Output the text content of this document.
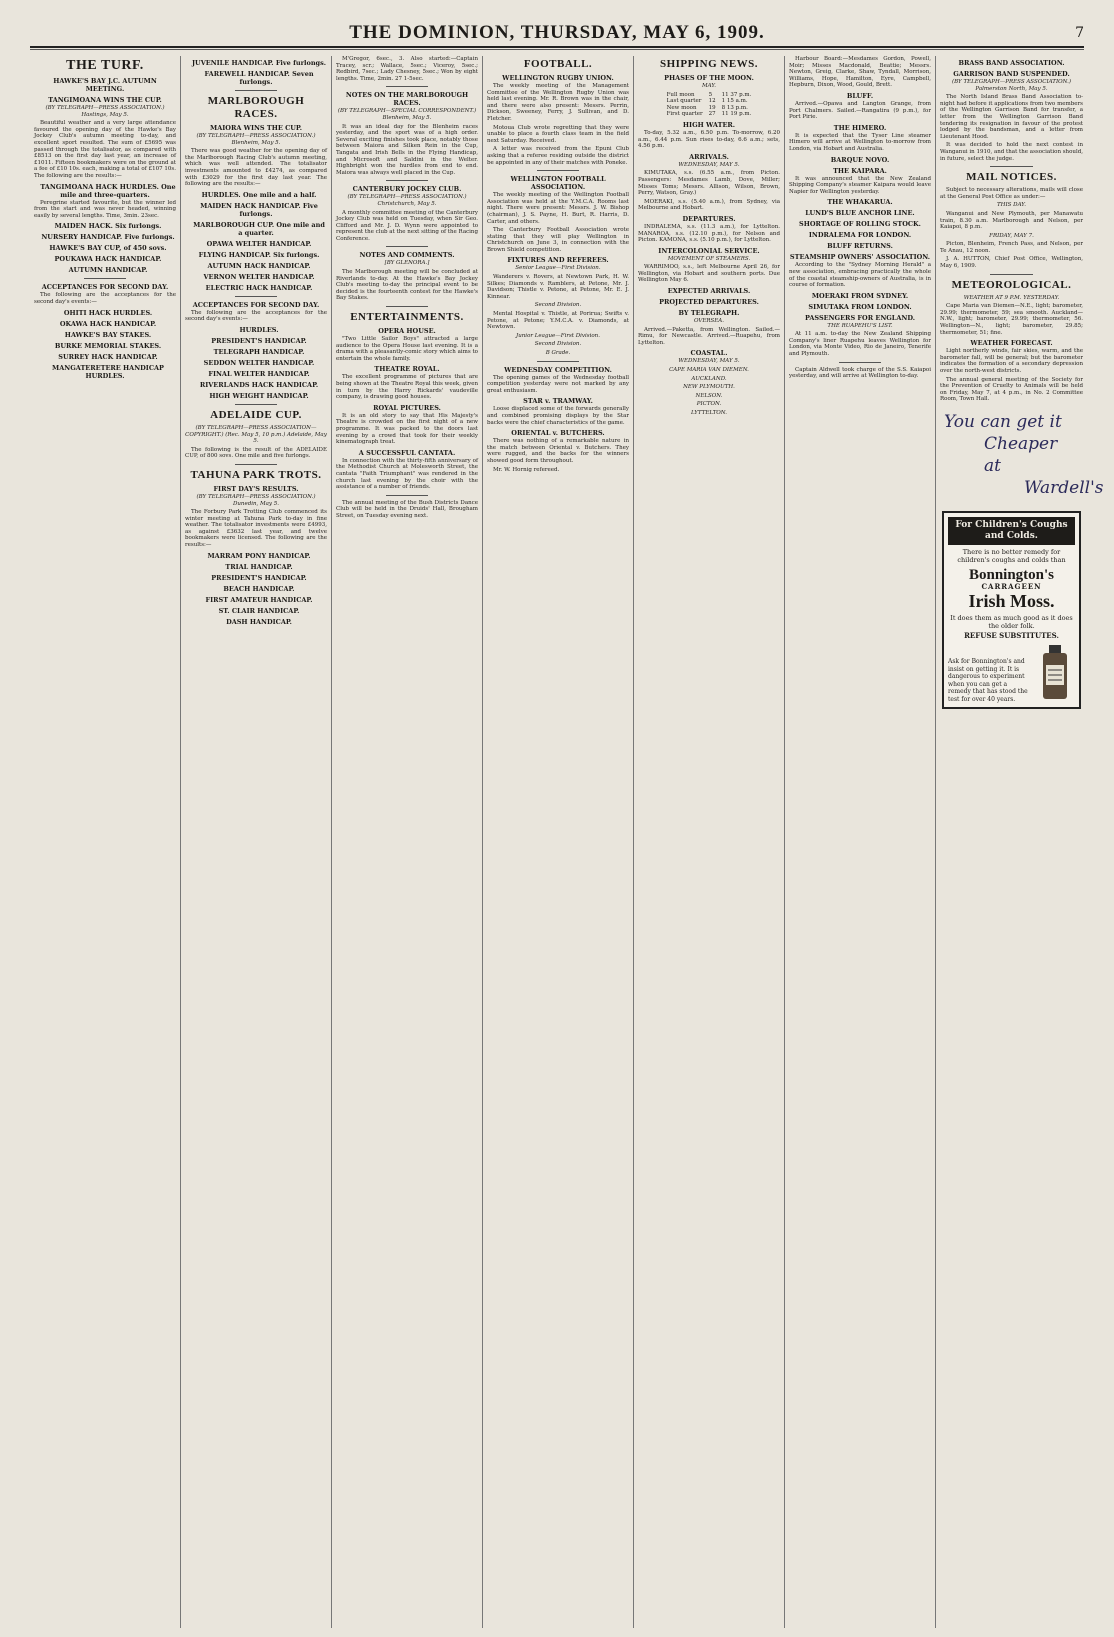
THE DOMINION, THURSDAY, MAY 6, 1909.	7
THE TURF.
HAWKE'S BAY J.C. AUTUMN MEETING.
TANGIMOANA WINS THE CUP.
(BY TELEGRAPH—PRESS ASSOCIATION.) Hastings, May 5.

Beautiful weather and a very large attendance favoured the opening day of the Hawke's Bay Jockey Club's autumn meeting to-day, and excellent sport resulted. The sum of £5695 was passed through the totalisator, as compared with £8513 on the first day last year, an increase of £1011. Fifteen bookmakers were on the ground at a fee of £10 10s. each, making a total of £107 10s. The following are the results:—

TANGIMOANA HACK HURDLES. One mile and three-quarters.

Peregrine started favourite, but the winner led from the start and was never headed, winning easily by several lengths. Time, 3min. 23sec.

MAIDEN HACK. Six furlongs.

NURSERY HANDICAP. Five furlongs.

HAWKE'S BAY CUP, of 450 sovs.

POUKAWA HACK HANDICAP.

AUTUMN HANDICAP.

ACCEPTANCES FOR SECOND DAY.

The following are the acceptances for the second day's events:—

OHITI HACK HURDLES.

OKAWA HACK HANDICAP.

HAWKE'S BAY STAKES.

BURKE MEMORIAL STAKES.

SURREY HACK HANDICAP.

MANGATERETERE HANDICAP HURDLES.

JUVENILE HANDICAP. Five furlongs.

FAREWELL HANDICAP. Seven furlongs.

MARLBOROUGH RACES.
MAIORA WINS THE CUP.
(BY TELEGRAPH—PRESS ASSOCIATION.) Blenheim, May 5.

There was good weather for the opening day of the Marlborough Racing Club's autumn meeting, which was well attended. The totalisator investments amounted to £4274, as compared with £3029 for the first day last year. The following are the results:—

HURDLES. One mile and a half.

MAIDEN HACK HANDICAP. Five furlongs.

MARLBOROUGH CUP. One mile and a quarter.

OPAWA WELTER HANDICAP.

FLYING HANDICAP. Six furlongs.

AUTUMN HACK HANDICAP.

VERNON WELTER HANDICAP.

ELECTRIC HACK HANDICAP.

ACCEPTANCES FOR SECOND DAY.

The following are the acceptances for the second day's events:—

HURDLES.

PRESIDENT'S HANDICAP.

TELEGRAPH HANDICAP.

SEDDON WELTER HANDICAP.

FINAL WELTER HANDICAP.

RIVERLANDS HACK HANDICAP.

HIGH WEIGHT HANDICAP.

ADELAIDE CUP.
(BY TELEGRAPH—PRESS ASSOCIATION—COPYRIGHT.) (Rec. May 5, 10 p.m.) Adelaide, May 5.

The following is the result of the ADELAIDE CUP, of 800 sovs. One mile and five furlongs.

TAHUNA PARK TROTS.
FIRST DAY'S RESULTS.
(BY TELEGRAPH—PRESS ASSOCIATION.) Dunedin, May 5.

The Forbury Park Trotting Club commenced its winter meeting at Tahuna Park to-day in fine weather. The totalisator investments were £4993, as against £3632 last year, and twelve bookmakers were licensed. The following are the results:—

MARRAM PONY HANDICAP.

TRIAL HANDICAP.

PRESIDENT'S HANDICAP.

BEACH HANDICAP.

FIRST AMATEUR HANDICAP.

ST. CLAIR HANDICAP.

DASH HANDICAP.

M'Gregor, 6sec., 3. Also started:—Captain Tracey, scr.; Wallace, 5sec.; Viceroy, 5sec.; Redbird, 7sec.; Lady Chesney, 5sec.; Won by eight lengths. Time, 2min. 27 1-5sec.

NOTES ON THE MARLBOROUGH RACES.
(BY TELEGRAPH—SPECIAL CORRESPONDENT.) Blenheim, May 5.

It was an ideal day for the Blenheim races yesterday, and the sport was of a high order. Several exciting finishes took place, notably those between Maiora and Silken Rein in the Cup, Tangata and Irish Bells in the Flying Handicap, and Microsoft and Saldini in the Welter. Highbright won the hurdles from end to end. Maiora was always well placed in the Cup.

CANTERBURY JOCKEY CLUB.
(BY TELEGRAPH—PRESS ASSOCIATION.) Christchurch, May 5.

A monthly committee meeting of the Canterbury Jockey Club was held on Tuesday, when Sir Geo. Clifford and Mr. J. D. Wynn were appointed to represent the club at the next sitting of the Racing Conference.

NOTES AND COMMENTS.
[BY GLENORA.]

The Marlborough meeting will be concluded at Riverlands to-day. At the Hawke's Bay Jockey Club's meeting to-day the principal event to be decided is the fourteenth contest for the Hawke's Bay Stakes.

ENTERTAINMENTS.
OPERA HOUSE.

"Two Little Sailor Boys" attracted a large audience to the Opera House last evening. It is a drama with a pleasantly-comic story which aims to entertain the whole family.

THEATRE ROYAL.

The excellent programme of pictures that are being shown at the Theatre Royal this week, given in turn by the Harry Rickards' vaudeville company, is drawing good houses.

ROYAL PICTURES.

It is an old story to say that His Majesty's Theatre is crowded on the first night of a new programme. It was packed to the doors last evening by a crowd that took for their weekly kinematograph treat.

A SUCCESSFUL CANTATA.

In connection with the thirty-fifth anniversary of the Methodist Church at Molesworth Street, the cantata "Faith Triumphant" was rendered in the church last evening by the choir with the assistance of a number of friends.

The annual meeting of the Bush Districts Dance Club will be held in the Druids' Hall, Brougham Street, on Tuesday evening next.

FOOTBALL.
WELLINGTON RUGBY UNION.

The weekly meeting of the Management Committee of the Wellington Rugby Union was held last evening. Mr. R. Brown was in the chair, and there were also present: Messrs. Perrin, Dickson, Sweeney, Ferry, J. Sullivan, and D. Fletcher.

Motoua Club wrote regretting that they were unable to place a fourth class team in the field next Saturday. Received.

A letter was received from the Epuni Club asking that a referee residing outside the district be appointed in any of their matches with Poneke.

WELLINGTON FOOTBALL ASSOCIATION.

The weekly meeting of the Wellington Football Association was held at the Y.M.C.A. Rooms last night. There were present: Messrs. J. W. Bishop (chairman), J. S. Payne, H. Burt, R. Harris, D. Carter, and others.

The Canterbury Football Association wrote stating that they will play Wellington in Christchurch on June 3, in connection with the Brown Shield competition.

FIXTURES AND REFEREES.
Senior League—First Division.

Wanderers v. Rovers, at Newtown Park, H. W. Silkes; Diamonds v. Ramblers, at Petone, Mr. J. Davidson; Thistle v. Petone, at Petone, Mr. E. J. Kinnear.

Second Division.

Mental Hospital v. Thistle, at Porirua; Swifts v. Petone, at Petone; Y.M.C.A. v. Diamonds, at Newtown.

Junior League—First Division.
Second Division.
B Grade.
WEDNESDAY COMPETITION.

The opening games of the Wednesday football competition yesterday were not marked by any great enthusiasm.

STAR v. TRAMWAY.

Loose displaced some of the forwards generally and combined promising displays by the Star backs were the chief characteristics of the game.

ORIENTAL v. BUTCHERS.

There was nothing of a remarkable nature in the match between Oriental v. Butchers. They were rugged, and the backs for the winners showed good form throughout.

Mr. W. Hornig refereed.

SHIPPING NEWS.
PHASES OF THE MOON.
MAY.
Full moon	5	11 37 p.m.
Last quarter	12	1 15 a.m.
New moon	19	8 13 p.m.
First quarter	27	11 19 p.m.
HIGH WATER.

To-day, 5.32 a.m., 6.50 p.m. To-morrow, 6.20 a.m., 6.44 p.m. Sun rises to-day, 6.6 a.m.; sets, 4.56 p.m.

ARRIVALS.
WEDNESDAY, MAY 5.

KIMUTAKA, s.s. (6.55 a.m., from Picton. Passengers: Mesdames Lamb, Dove, Miller; Misses Toms; Messrs. Allison, Wilson, Brown, Perry, Watson, Gray.)

MOERAKI, s.s. (5.40 a.m.), from Sydney, via Melbourne and Hobart.

DEPARTURES.

INDRALEMA, s.s. (11.3 a.m.), for Lyttelton. MANAROA, s.s. (12.10 p.m.), for Nelson and Picton. KAMONA, s.s. (5.10 p.m.), for Lyttelton.

INTERCOLONIAL SERVICE.
MOVEMENT OF STEAMERS.

WARRIMOO, s.s., left Melbourne April 26, for Wellington, via Hobart and southern ports. Due Wellington May 6.

EXPECTED ARRIVALS.
PROJECTED DEPARTURES.
BY TELEGRAPH.
OVERSEA.

Arrived.—Paketta, from Wellington. Sailed.—Rimu, for Newcastle. Arrived.—Ruapehu, from Lyttelton.

COASTAL.
WEDNESDAY, MAY 5.
CAPE MARIA VAN DIEMEN.
AUCKLAND.
NEW PLYMOUTH.
NELSON.
PICTON.
LYTTELTON.

Harbour Board:—Mesdames Gordon, Powell, Moir; Misses Macdonald, Beattie; Messrs. Newton, Greig, Clarke, Shaw, Tyndall, Morrison, Williams, Hope, Hamilton, Eyre, Campbell, Hepburn, Dixon, Wood, Gould, Brett.

BLUFF.

Arrived.—Opawa and Langton Grange, from Port Chalmers. Sailed.—Rangatira (9 p.m.), for Port Pirie.

THE HIMERO.

It is expected that the Tyser Line steamer Himero will arrive at Wellington to-morrow from London, via Hobart and Australia.

BARQUE NOVO.
THE KAIPARA.

It was announced that the New Zealand Shipping Company's steamer Kaipara would leave Napier for Wellington yesterday.

THE WHAKARUA.
LUND'S BLUE ANCHOR LINE.
SHORTAGE OF ROLLING STOCK.
INDRALEMA FOR LONDON.
BLUFF RETURNS.
STEAMSHIP OWNERS' ASSOCIATION.

According to the "Sydney Morning Herald" a new association, embracing practically the whole of the coastal steamship-owners of Australia, is in course of formation.

MOERAKI FROM SYDNEY.
SIMUTAKA FROM LONDON.
PASSENGERS FOR ENGLAND.
THE RUAPEHU'S LIST.

At 11 a.m. to-day the New Zealand Shipping Company's liner Ruapehu leaves Wellington for London, via Monte Video, Rio de Janeiro, Tenerife and Plymouth.

Captain Aldwell took charge of the S.S. Kaiapoi yesterday, and will arrive at Wellington to-day.

BRASS BAND ASSOCIATION.
GARRISON BAND SUSPENDED.
(BY TELEGRAPH—PRESS ASSOCIATION.) Palmerston North, May 5.

The North Island Brass Band Association to-night had before it applications from two members of the Wellington Garrison Band for transfer, a letter from the Wellington Garrison Band tendering its resignation in favour of the protest lodged by the bandsman, and a letter from Lieutenant Hood.

It was decided to hold the next contest in Wanganui in 1910, and that the association should, in future, select the judge.

MAIL NOTICES.

Subject to necessary alterations, mails will close at the General Post Office as under:—

THIS DAY.

Wanganui and New Plymouth, per Manawatu train, 8.30 a.m. Marlborough and Nelson, per Kaiapoi, 8 p.m.

FRIDAY, MAY 7.

Picton, Blenheim, French Pass, and Nelson, per Te Anau, 12 noon.

J. A. HUTTON, Chief Post Office, Wellington, May 6, 1909.

METEOROLOGICAL.
WEATHER AT 9 P.M. YESTERDAY.

Cape Maria van Diemen—N.E., light; barometer, 29.99; thermometer, 59; sea smooth. Auckland—N.W., light; barometer, 29.99; thermometer, 56. Wellington—N., light; barometer, 29.85; thermometer, 51; fine.

WEATHER FORECAST.

Light northerly winds, fair skies, warm, and the barometer fall, will be general; but the barometer indicates the formation of a secondary depression over the north-west districts.

The annual general meeting of the Society for the Prevention of Cruelty to Animals will be held on Friday, May 7, at 4 p.m., in No. 2 Committee Room, Town Hall.

You can get it
Cheaper at
Wardell's
For Children's Coughs and Colds.
There is no better remedy for children's coughs and colds than
Bonnington's
CARRAGEEN
Irish Moss.
It does them as much good as it does the older folk.
REFUSE SUBSTITUTES.
Ask for Bonnington's and insist on getting it. It is dangerous to experiment when you can get a remedy that has stood the test for over 40 years.
